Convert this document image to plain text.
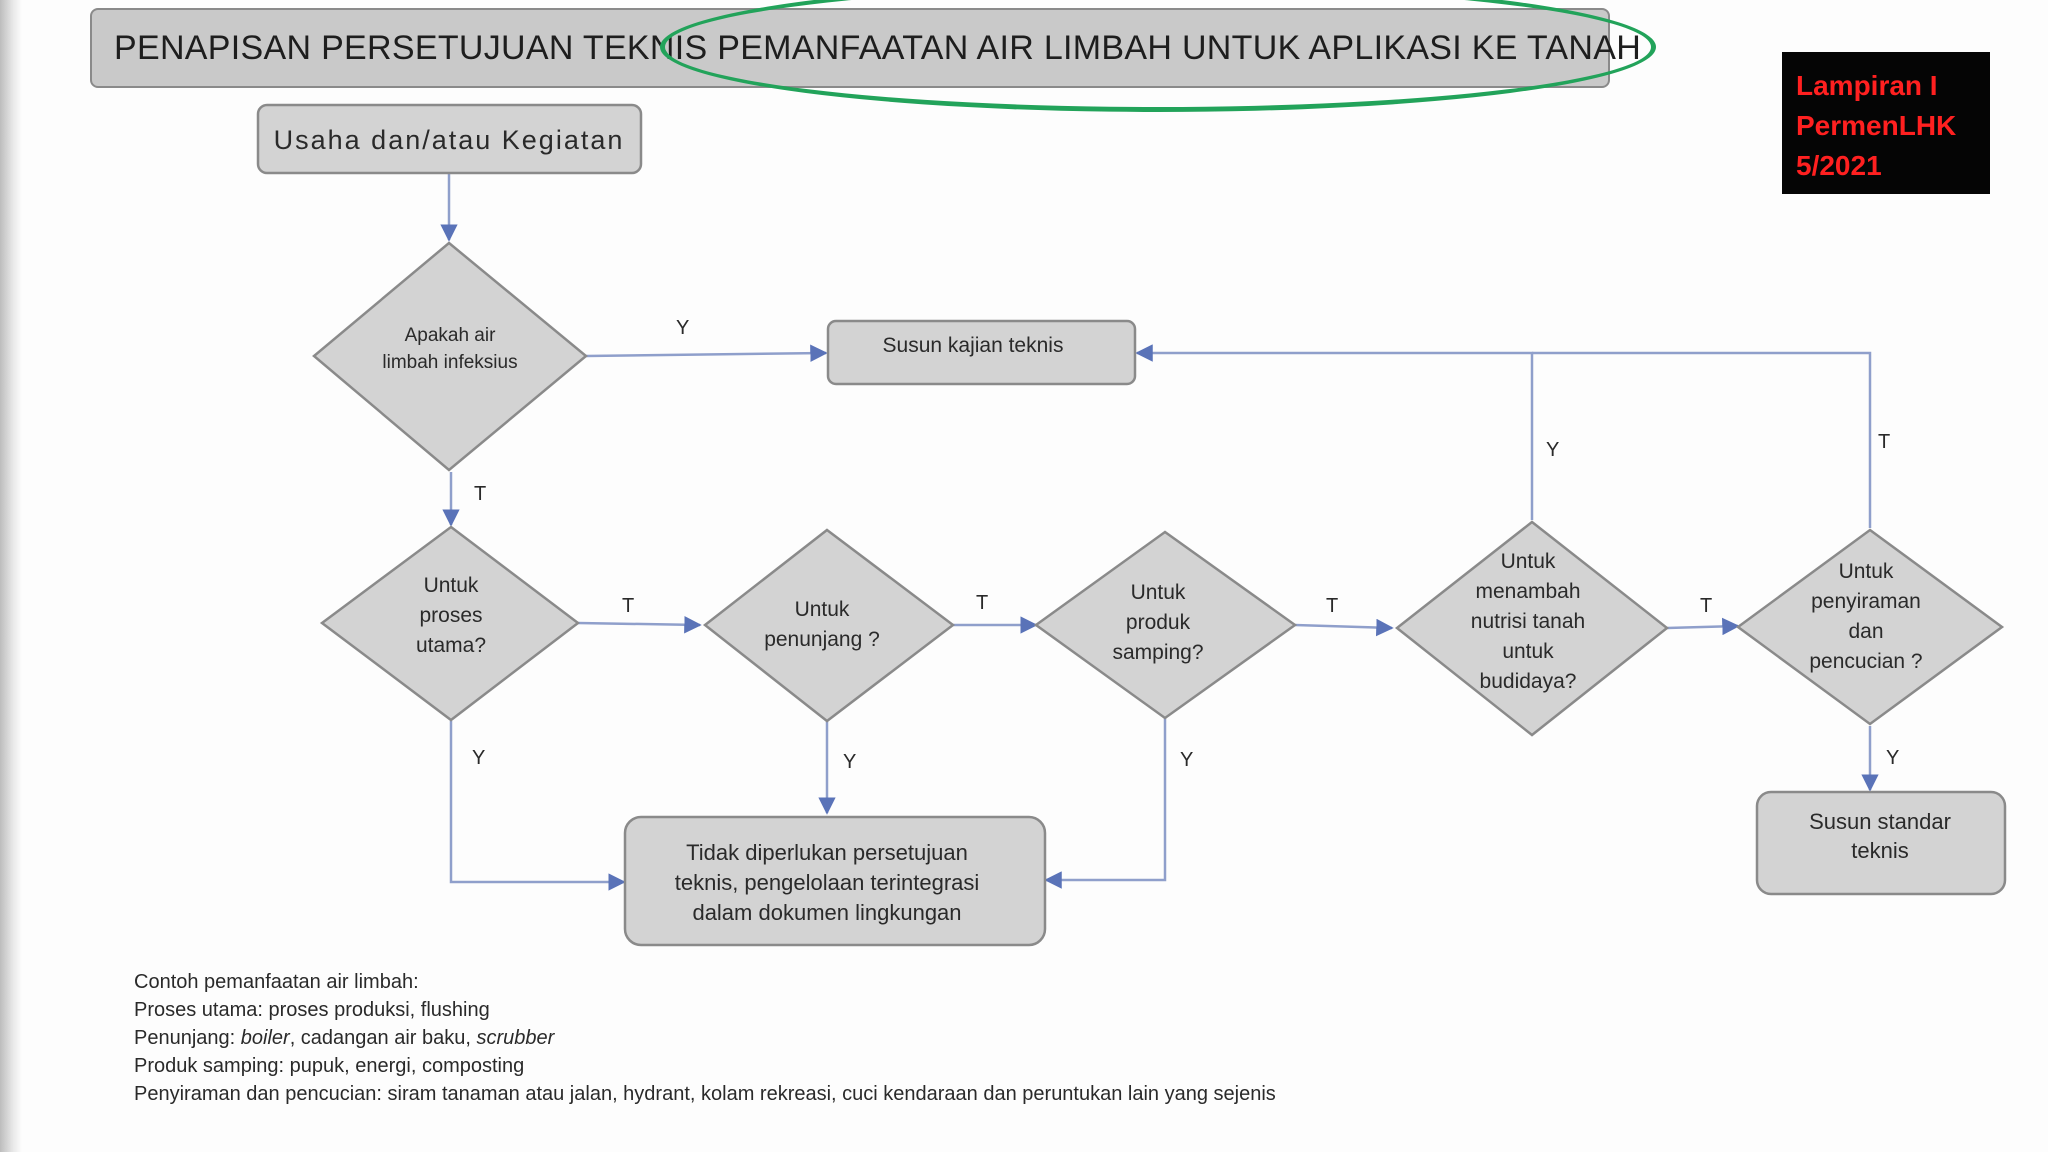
PENAPISAN PERSETUJUAN TEKNIS PEMANFAATAN AIR LIMBAH UNTUK APLIKASI KE TANAH
Lampiran I
PermenLHK
5/2021
Usaha dan/atau Kegiatan
Apakah air
limbah infeksius
Susun kajian teknis
Untuk
proses
utama?
Untuk
penunjang ?
Untuk
produk
samping?
Untuk
menambah
nutrisi tanah
untuk
budidaya?
Untuk
penyiraman
dan
pencucian ?
Tidak diperlukan persetujuan
teknis, pengelolaan terintegrasi
dalam dokumen lingkungan
Susun standar
teknis
Y
T
T	T	T	T
Y	T
Y	Y	Y	Y
Contoh pemanfaatan air limbah:
Proses utama: proses produksi, flushing
Penunjang: boiler, cadangan air baku, scrubber
Produk samping: pupuk, energi, composting
Penyiraman dan pencucian: siram tanaman atau jalan, hydrant, kolam rekreasi, cuci kendaraan dan peruntukan lain yang sejenis
